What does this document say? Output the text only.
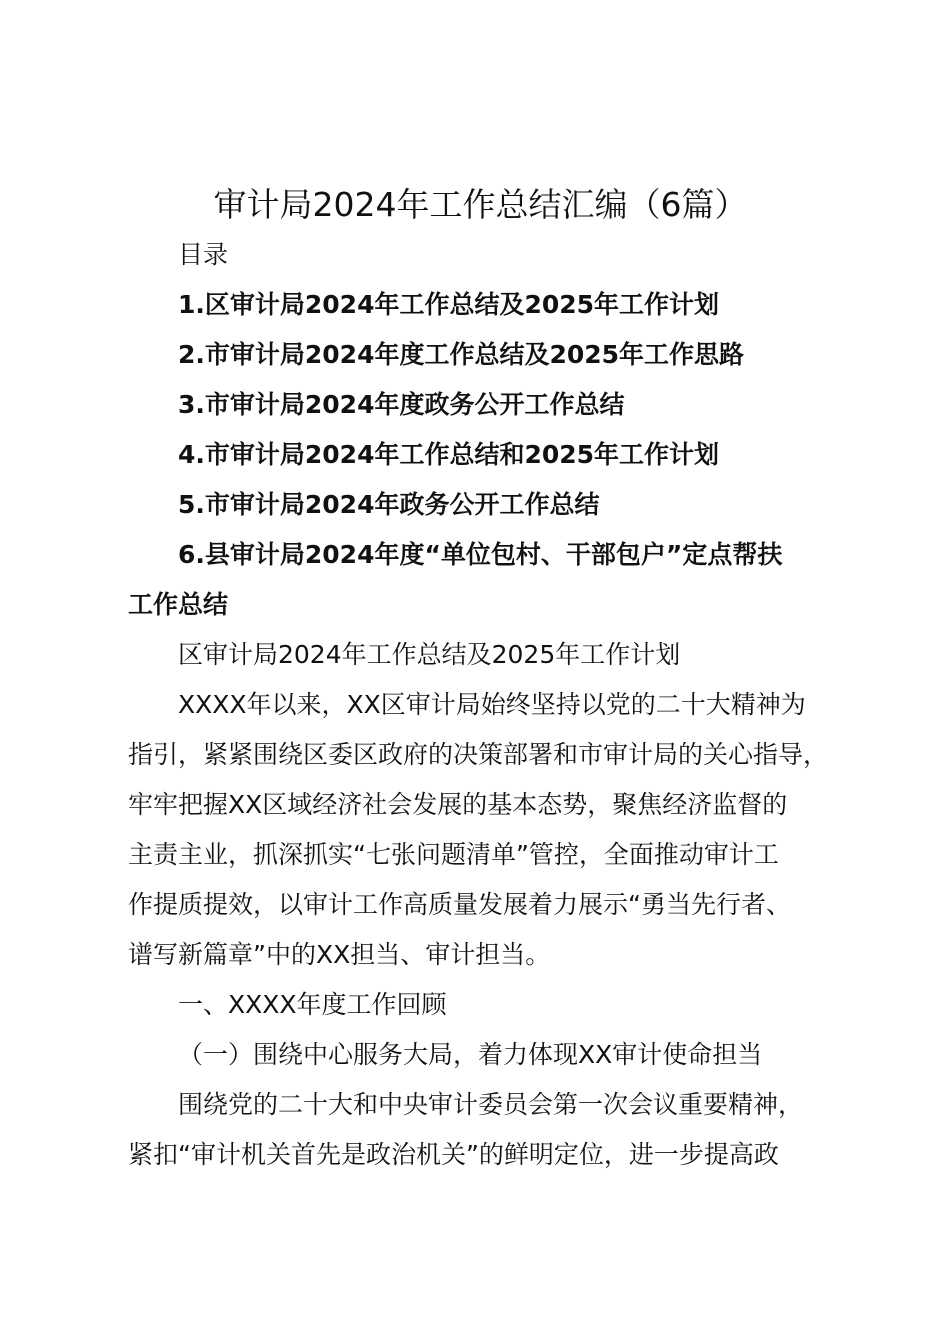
审计局2024年工作总结汇编（6篇）

目录

1.区审计局2024年工作总结及2025年工作计划

2.市审计局2024年度工作总结及2025年工作思路

3.市审计局2024年度政务公开工作总结

4.市审计局2024年工作总结和2025年工作计划

5.市审计局2024年政务公开工作总结

6.县审计局2024年度“单位包村、干部包户”定点帮扶

工作总结

区审计局2024年工作总结及2025年工作计划

XXXX年以来，XX区审计局始终坚持以党的二十大精神为

指引，紧紧围绕区委区政府的决策部署和市审计局的关心指导，

牢牢把握XX区域经济社会发展的基本态势，聚焦经济监督的

主责主业，抓深抓实“七张问题清单”管控，全面推动审计工

作提质提效，以审计工作高质量发展着力展示“勇当先行者、

谱写新篇章”中的XX担当、审计担当。

一、XXXX年度工作回顾

（一）围绕中心服务大局，着力体现XX审计使命担当

围绕党的二十大和中央审计委员会第一次会议重要精神，

紧扣“审计机关首先是政治机关”的鲜明定位，进一步提高政
